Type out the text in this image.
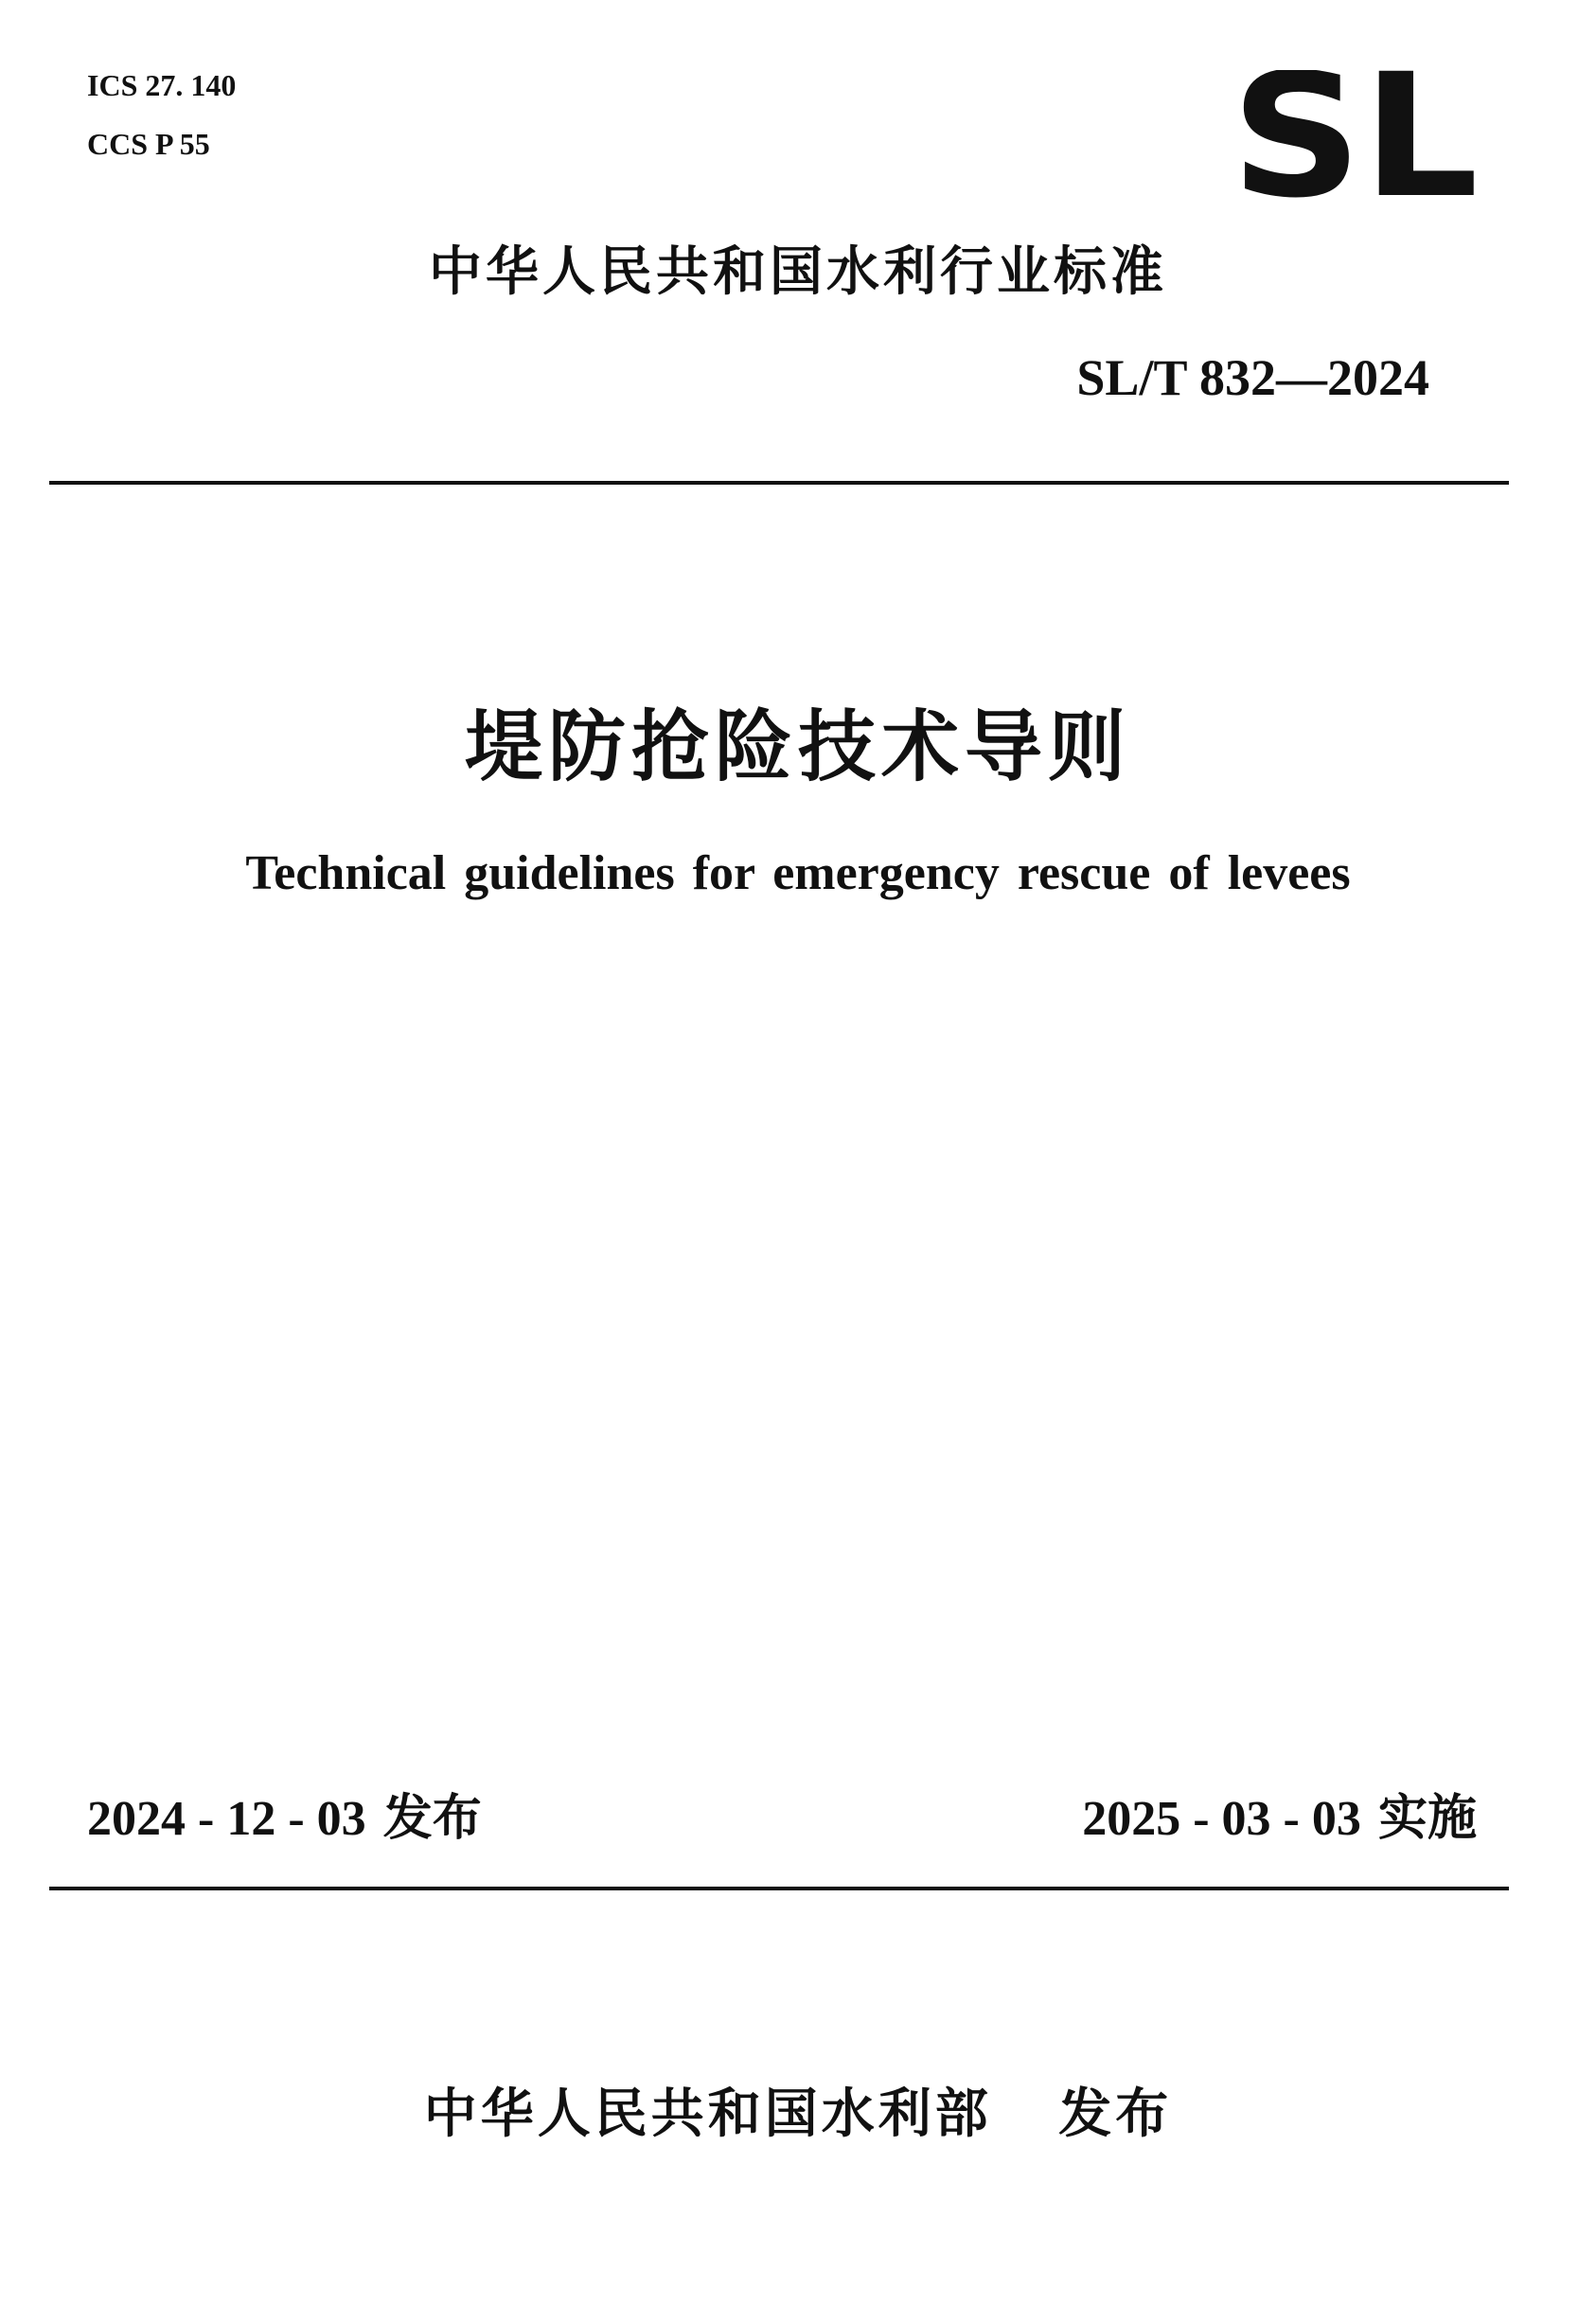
ICS 27. 140
CCS P 55	SL
中华人民共和国水利行业标准
SL/T 832—2024
堤防抢险技术导则
Technical guidelines for emergency rescue of levees
2024 - 12 - 03 发布	2025 - 03 - 03 实施
中华人民共和国水利部 发布
